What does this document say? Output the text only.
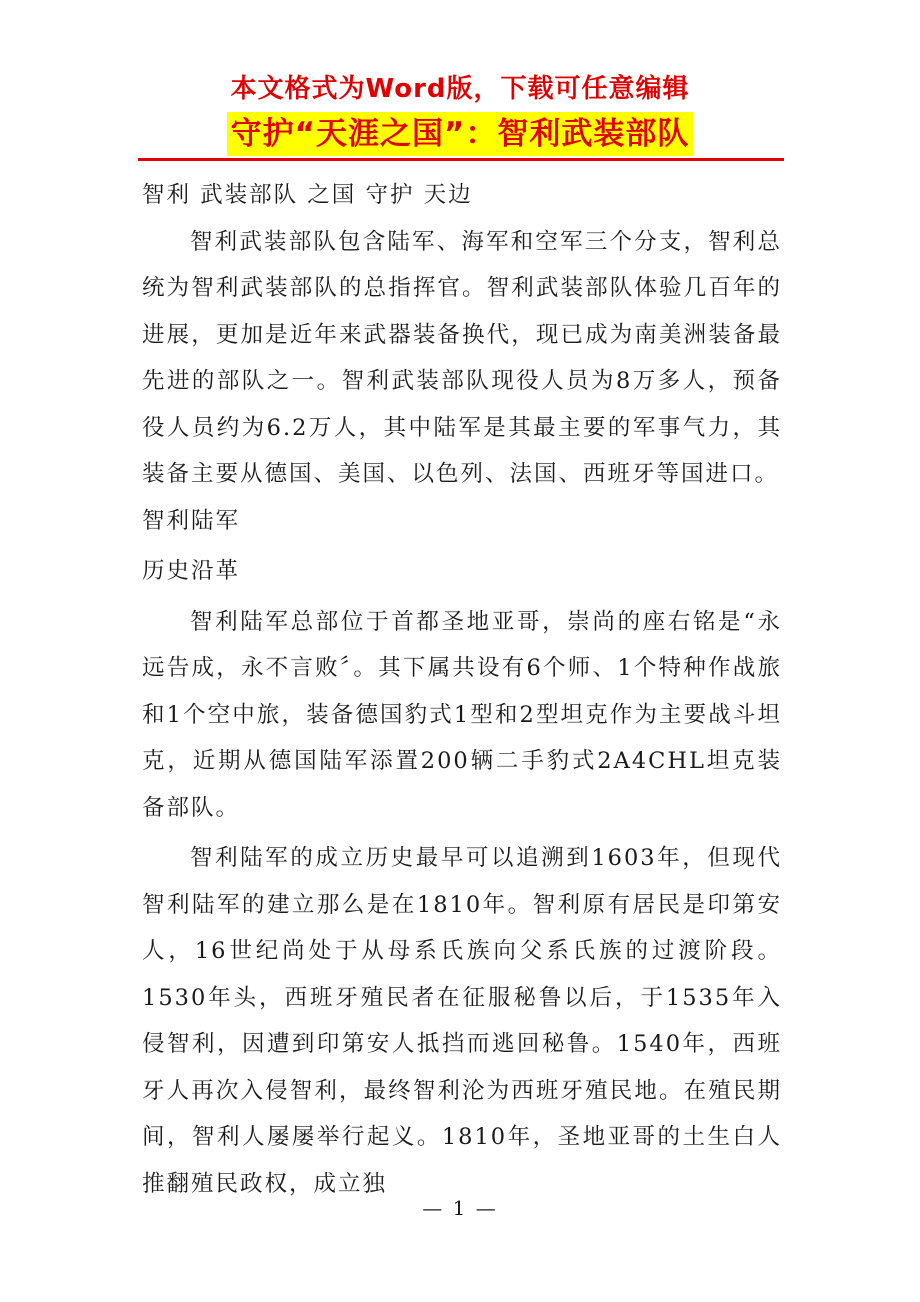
本文格式为Word版，下载可任意编辑
守护“天涯之国”：智利武装部队

智利 武装部队 之国 守护 天边

智利武装部队包含陆军、海军和空军三个分支，智利总统为智利武装部队的总指挥官。智利武装部队体验几百年的进展，更加是近年来武器装备换代，现已成为南美洲装备最先进的部队之一。智利武装部队现役人员为8万多人，预备役人员约为6.2万人，其中陆军是其最主要的军事气力，其装备主要从德国、美国、以色列、法国、西班牙等国进口。

智利陆军

历史沿革

智利陆军总部位于首都圣地亚哥，崇尚的座右铭是“永远告成，永不言败〞。其下属共设有6个师、1个特种作战旅和1个空中旅，装备德国豹式1型和2型坦克作为主要战斗坦克，近期从德国陆军添置200辆二手豹式2A4CHL坦克装备部队。

智利陆军的成立历史最早可以追溯到1603年，但现代智利陆军的建立那么是在1810年。智利原有居民是印第安人，16世纪尚处于从母系氏族向父系氏族的过渡阶段。1530年头，西班牙殖民者在征服秘鲁以后，于1535年入侵智利，因遭到印第安人抵挡而逃回秘鲁。1540年，西班牙人再次入侵智利，最终智利沦为西班牙殖民地。在殖民期间，智利人屡屡举行起义。1810年，圣地亚哥的土生白人推翻殖民政权，成立独

— 1 —
